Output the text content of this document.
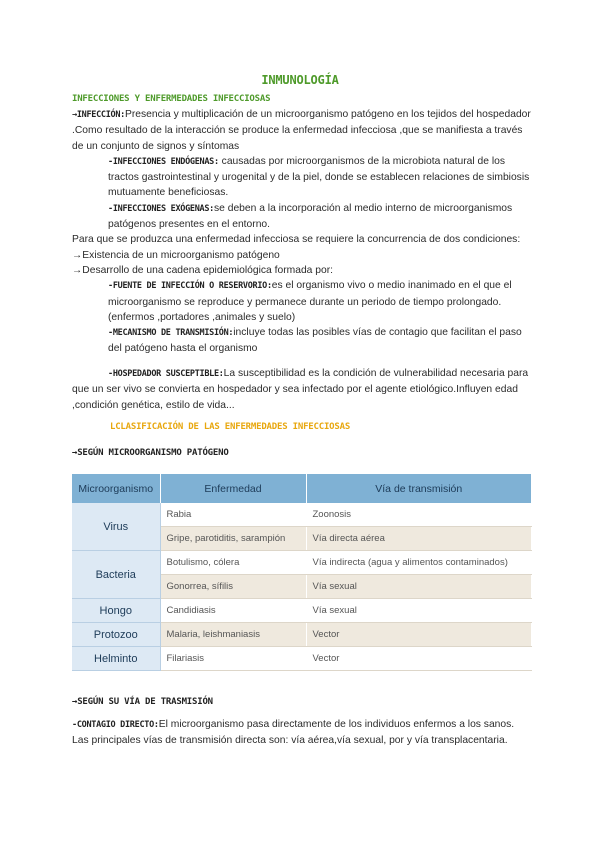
INMUNOLOGÍA
INFECCIONES Y ENFERMEDADES INFECCIOSAS

→INFECCIÓN:Presencia y multiplicación de un microorganismo patógeno en los tejidos del hospedador .Como resultado de la interacción se produce la enfermedad infecciosa ,que se manifiesta a través de un conjunto de signos y síntomas

-INFECCIONES ENDÓGENAS: causadas por microorganismos de la microbiota natural de los tractos gastrointestinal y urogenital y de la piel, donde se establecen relaciones de simbiosis mutuamente beneficiosas.

-INFECCIONES EXÓGENAS:se deben a la incorporación al medio interno de microorganismos patógenos presentes en el entorno.

Para que se produzca una enfermedad infecciosa se requiere la concurrencia de dos condiciones:

→Existencia de un microorganismo patógeno

→Desarrollo de una cadena epidemiológica formada por:

-FUENTE DE INFECCIÓN O RESERVORIO:es el organismo vivo o medio inanimado en el que el microorganismo se reproduce y permanece durante un periodo de tiempo prolongado.(enfermos ,portadores ,animales y suelo)

-MECANISMO DE TRANSMISIÓN:incluye todas las posibles vías de contagio que facilitan el paso del patógeno hasta el organismo

-HOSPEDADOR SUSCEPTIBLE:La susceptibilidad es la condición de vulnerabilidad necesaria para que un ser vivo se convierta en hospedador y sea infectado por el agente etiológico.Influyen edad ,condición genética, estilo de vida...
LCLASIFICACIÓN DE LAS ENFERMEDADES INFECCIOSAS
→SEGÚN MICROORGANISMO PATÓGENO
Microorganismo	Enfermedad	Vía de transmisión
Virus	Rabia	Zoonosis
	Gripe, parotiditis, sarampión	Vía directa aérea
Bacteria	Botulismo, cólera	Vía indirecta (agua y alimentos contaminados)
	Gonorrea, sífilis	Vía sexual
Hongo	Candidiasis	Vía sexual
Protozoo	Malaria, leishmaniasis	Vector
Helminto	Filariasis	Vector
→SEGÚN SU VÍA DE TRASMISIÓN
-CONTAGIO DIRECTO:El microorganismo pasa directamente de los individuos enfermos a los sanos. Las principales vías de transmisión directa son: vía aérea,vía sexual, por y vía transplacentaria.
